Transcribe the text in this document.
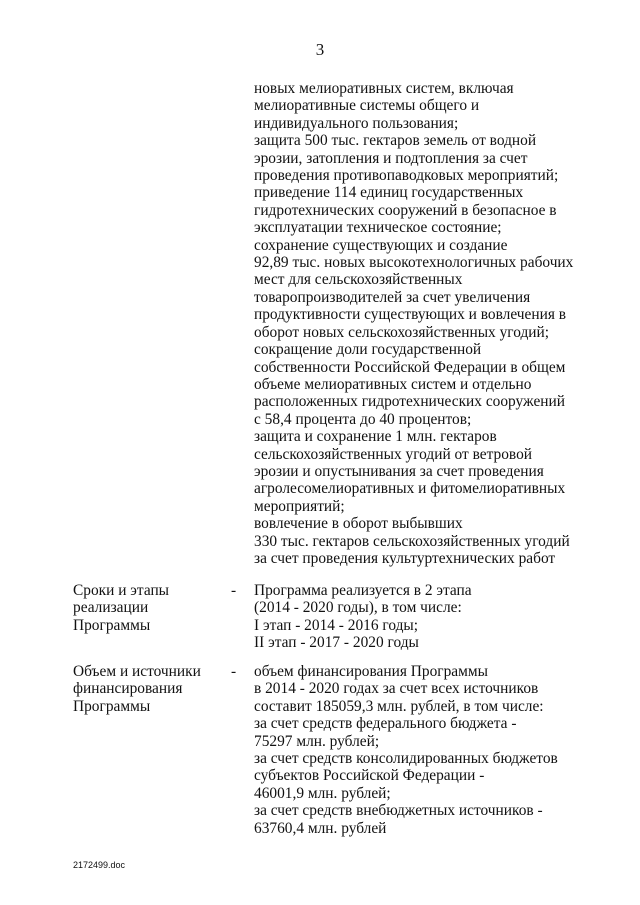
3
новых мелиоративных систем, включая
мелиоративные системы общего и
индивидуального пользования;
защита 500 тыс. гектаров земель от водной
эрозии, затопления и подтопления за счет
проведения противопаводковых мероприятий;
приведение 114 единиц государственных
гидротехнических сооружений в безопасное в
эксплуатации техническое состояние;
сохранение существующих и создание
92,89 тыс. новых высокотехнологичных рабочих
мест для сельскохозяйственных
товаропроизводителей за счет увеличения
продуктивности существующих и вовлечения в
оборот новых сельскохозяйственных угодий;
сокращение доли государственной
собственности Российской Федерации в общем
объеме мелиоративных систем и отдельно
расположенных гидротехнических сооружений
с 58,4 процента до 40 процентов;
защита и сохранение 1 млн. гектаров
сельскохозяйственных угодий от ветровой
эрозии и опустынивания за счет проведения
агролесомелиоративных и фитомелиоративных
мероприятий;
вовлечение в оборот выбывших
330 тыс. гектаров сельскохозяйственных угодий
за счет проведения культуртехнических работ
Сроки и этапы
реализации
Программы
- Программа реализуется в 2 этапа
(2014 - 2020 годы), в том числе:
I этап - 2014 - 2016 годы;
II этап - 2017 - 2020 годы
Объем и источники
финансирования
Программы
- объем финансирования Программы
в 2014 - 2020 годах за счет всех источников
составит 185059,3 млн. рублей, в том числе:
за счет средств федерального бюджета -
75297 млн. рублей;
за счет средств консолидированных бюджетов
субъектов Российской Федерации -
46001,9 млн. рублей;
за счет средств внебюджетных источников -
63760,4 млн. рублей
2172499.doc
